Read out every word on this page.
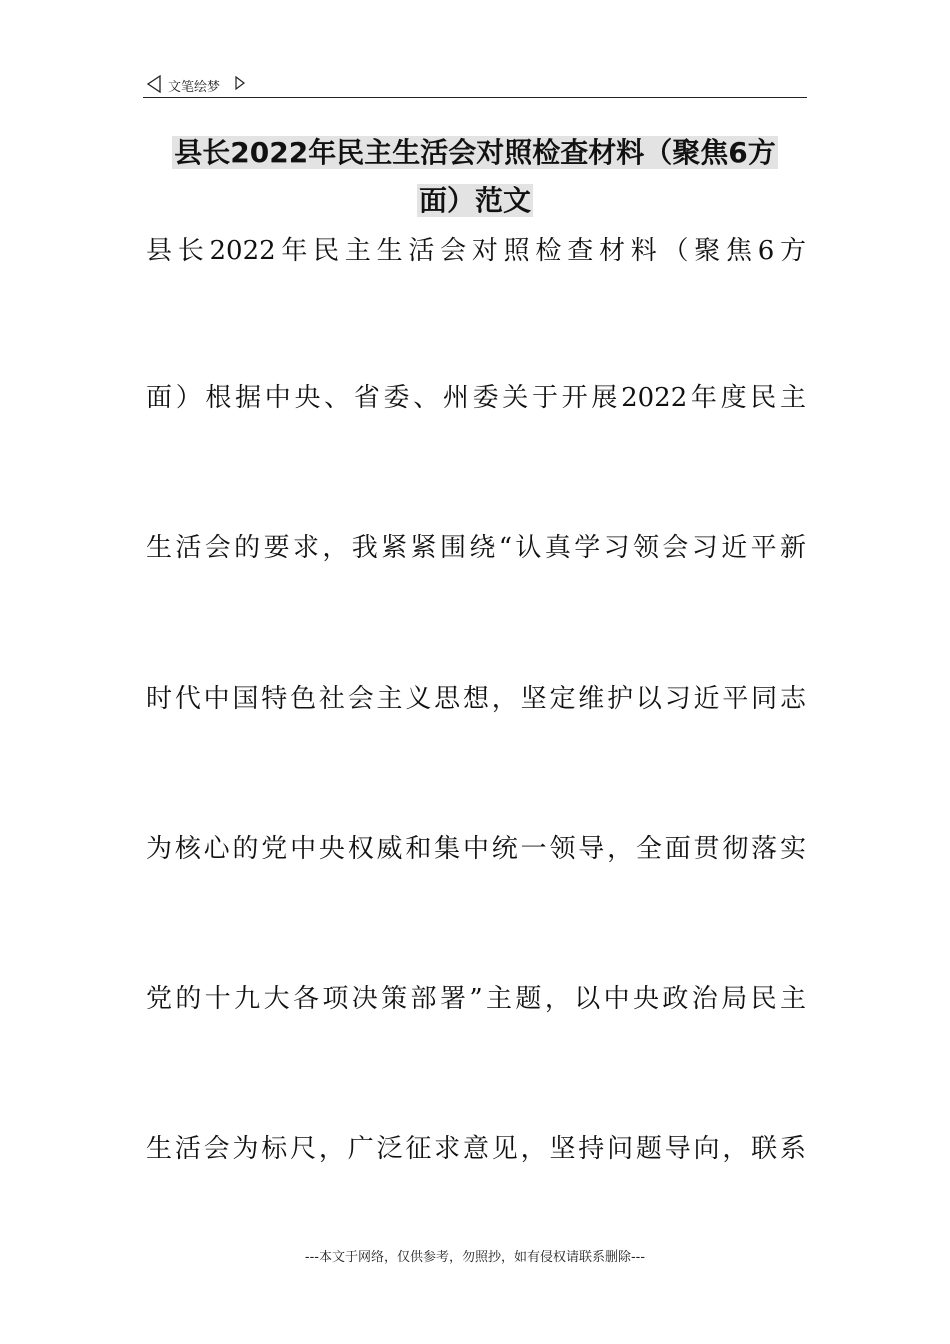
文笔绘梦
县长2022年民主生活会对照检查材料（聚焦6方
面）范文
县长2022年民主生活会对照检查材料（聚焦6方
面）根据中央、省委、州委关于开展2022年度民主
生活会的要求，我紧紧围绕“认真学习领会习近平新
时代中国特色社会主义思想，坚定维护以习近平同志
为核心的党中央权威和集中统一领导，全面贯彻落实
党的十九大各项决策部署”主题，以中央政治局民主
生活会为标尺，广泛征求意见，坚持问题导向，联系
---本文于网络，仅供参考，勿照抄，如有侵权请联系删除---
